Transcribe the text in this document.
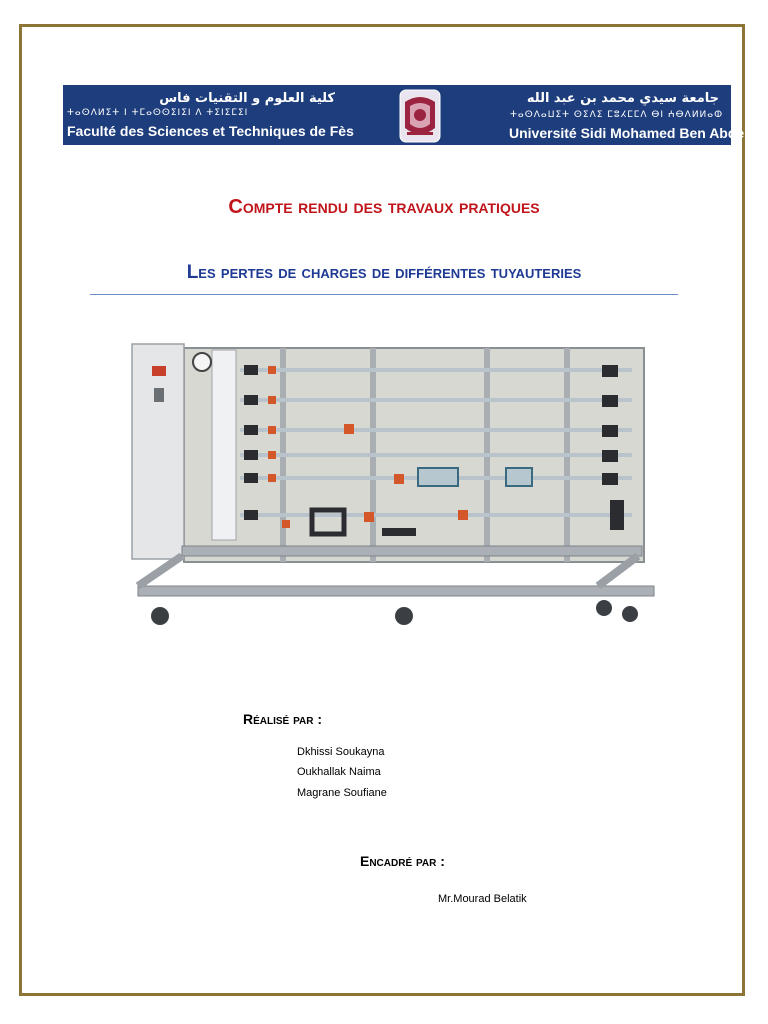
كلية العلوم و التقنيات فاس
ⵜⴰⵙⴷⵍⵉⵜ ⵏ ⵜⵎⴰⵙⵙⵉⵏⵉⵏ ⴷ ⵜⵉⵏⵉⵎⵉⵏ
Faculté des Sciences et Techniques de Fès
جامعة سيدي محمد بن عبد الله
ⵜⴰⵙⴷⴰⵡⵉⵜ ⵙⵉⴷⵉ ⵎⵓⵃⵎⵎⴷ ⴱⵏ ⵄⴱⴷⵍⵍⴰⵀ
Université Sidi Mohamed Ben Abdellah
Compte rendu des travaux pratiques
Les pertes de charges de différentes tuyauteries
Réalisé par :
Dkhissi Soukayna
Oukhallak Naima
Magrane Soufiane
Encadré par :
Mr.Mourad Belatik
